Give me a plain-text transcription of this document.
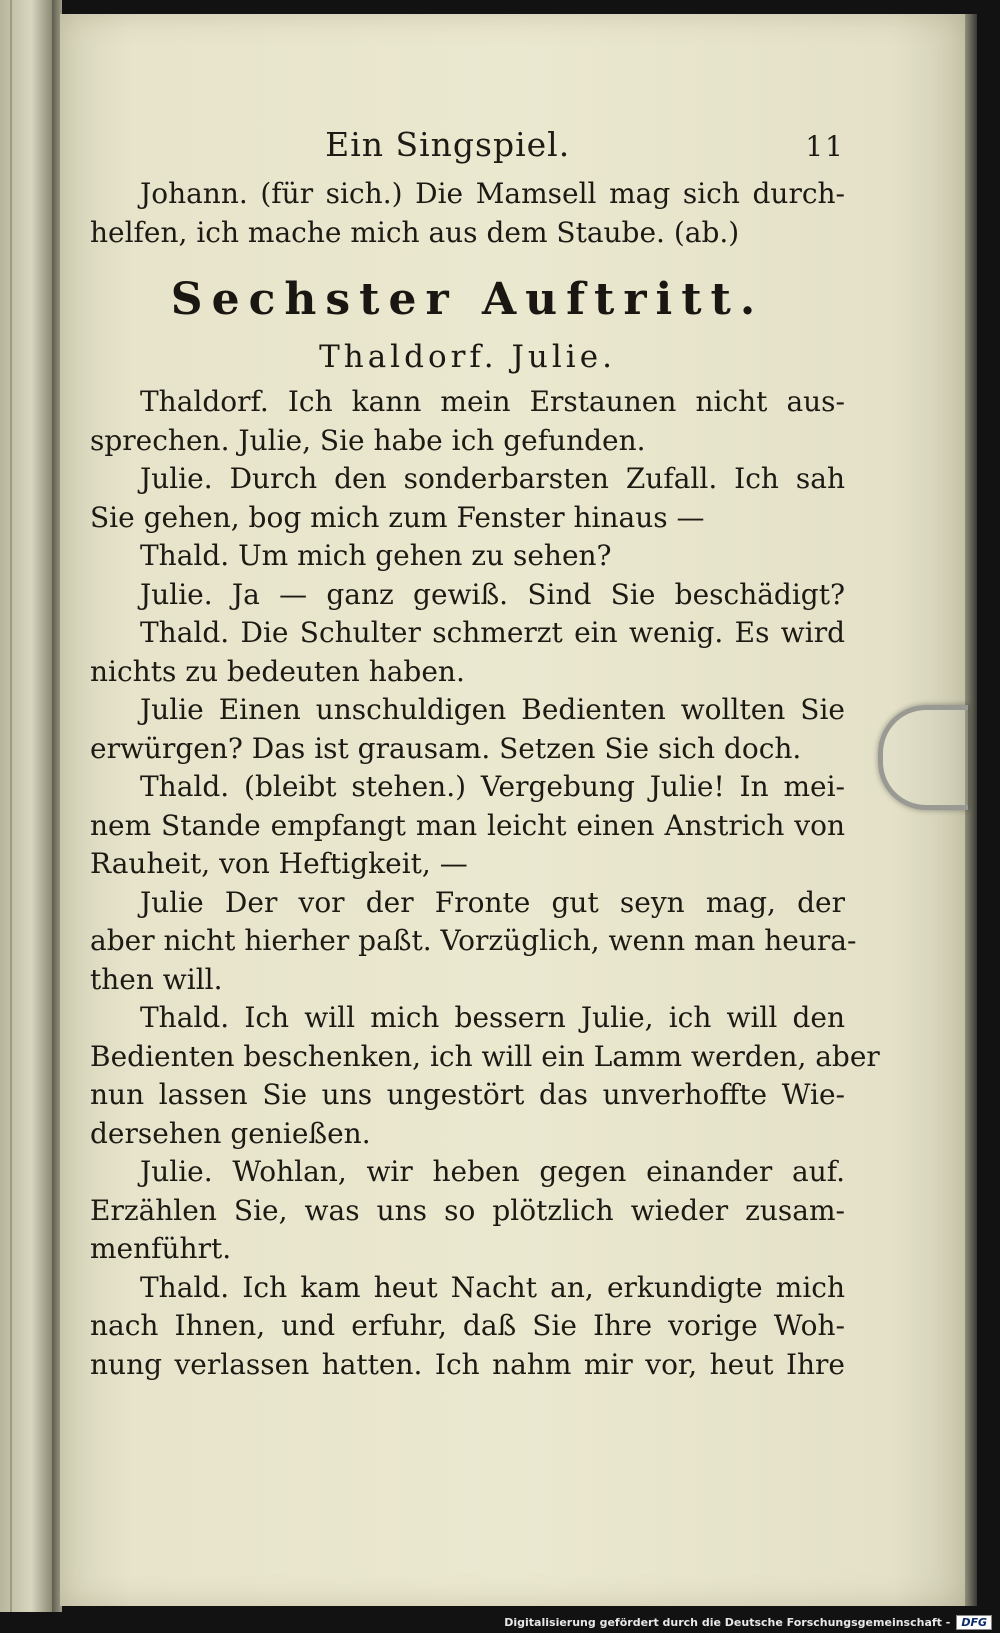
Ein Singspiel.	11
Johann. (für sich.) Die Mamsell mag sich durch-
helfen, ich mache mich aus dem Staube. (ab.)
Sechster Auftritt.
Thaldorf. Julie.
Thaldorf. Ich kann mein Erstaunen nicht aus-
sprechen. Julie, Sie habe ich gefunden.
Julie. Durch den sonderbarsten Zufall. Ich sah
Sie gehen, bog mich zum Fenster hinaus —
Thald. Um mich gehen zu sehen?
Julie. Ja — ganz gewiß. Sind Sie beschädigt?
Thald. Die Schulter schmerzt ein wenig. Es wird
nichts zu bedeuten haben.
Julie Einen unschuldigen Bedienten wollten Sie
erwürgen? Das ist grausam. Setzen Sie sich doch.
Thald. (bleibt stehen.) Vergebung Julie! In mei-
nem Stande empfangt man leicht einen Anstrich von
Rauheit, von Heftigkeit, —
Julie Der vor der Fronte gut seyn mag, der
aber nicht hierher paßt. Vorzüglich, wenn man heura-
then will.
Thald. Ich will mich bessern Julie, ich will den
Bedienten beschenken, ich will ein Lamm werden, aber
nun lassen Sie uns ungestört das unverhoffte Wie-
dersehen genießen.
Julie. Wohlan, wir heben gegen einander auf.
Erzählen Sie, was uns so plötzlich wieder zusam-
menführt.
Thald. Ich kam heut Nacht an, erkundigte mich
nach Ihnen, und erfuhr, daß Sie Ihre vorige Woh-
nung verlassen hatten. Ich nahm mir vor, heut Ihre
Digitalisierung gefördert durch die Deutsche Forschungsgemeinschaft -	DFG
